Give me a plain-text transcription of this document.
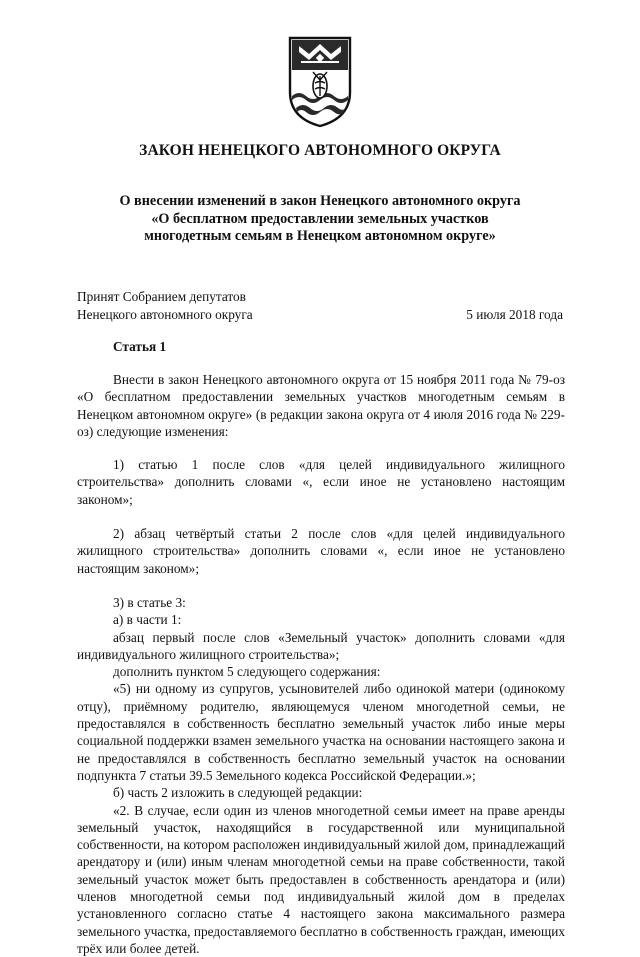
ЗАКОН НЕНЕЦКОГО АВТОНОМНОГО ОКРУГА
О внесении изменений в закон Ненецкого автономного округа
«О бесплатном предоставлении земельных участков
многодетным семьям в Ненецком автономном округе»
Принят Собранием депутатов
Ненецкого автономного округа	5 июля 2018 года
Статья 1

Внести в закон Ненецкого автономного округа от 15 ноября 2011 года № 79-оз «О бесплатном предоставлении земельных участков многодетным семьям в Ненецком автономном округе» (в редакции закона округа от 4 июля 2016 года № 229-оз) следующие изменения:

1) статью 1 после слов «для целей индивидуального жилищного строительства» дополнить словами «, если иное не установлено настоящим законом»;

2) абзац четвёртый статьи 2 после слов «для целей индивидуального жилищного строительства» дополнить словами «, если иное не установлено настоящим законом»;

3) в статье 3:

а) в части 1:

абзац первый после слов «Земельный участок» дополнить словами «для индивидуального жилищного строительства»;

дополнить пунктом 5 следующего содержания:

«5) ни одному из супругов, усыновителей либо одинокой матери (одинокому отцу), приёмному родителю, являющемуся членом многодетной семьи, не предоставлялся в собственность бесплатно земельный участок либо иные меры социальной поддержки взамен земельного участка на основании настоящего закона и не предоставлялся в собственность бесплатно земельный участок на основании подпункта 7 статьи 39.5 Земельного кодекса Российской Федерации.»;

б) часть 2 изложить в следующей редакции:

«2. В случае, если один из членов многодетной семьи имеет на праве аренды земельный участок, находящийся в государственной или муниципальной собственности, на котором расположен индивидуальный жилой дом, принадлежащий арендатору и (или) иным членам многодетной семьи на праве собственности, такой земельный участок может быть предоставлен в собственность арендатора и (или) членов многодетной семьи под индивидуальный жилой дом в пределах установленного согласно статье 4 настоящего закона максимального размера земельного участка, предоставляемого бесплатно в собственность граждан, имеющих трёх или более детей.
